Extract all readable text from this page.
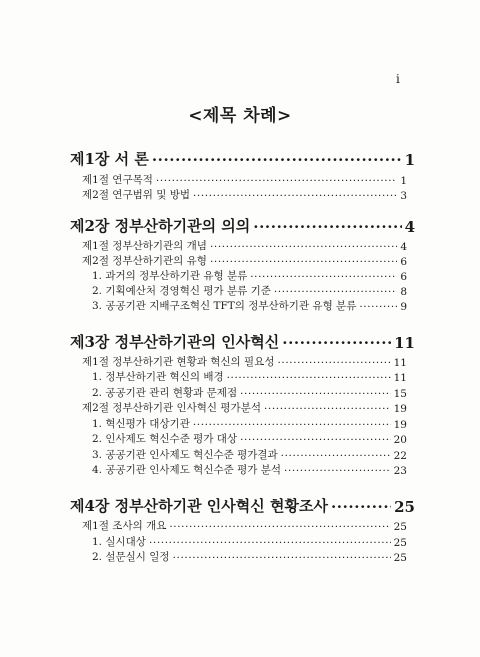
i
<제목 차례>
제1장 서 론 ·····	1
제1절 연구목적 ·····	1
제2절 연구범위 및 방법 ·····	3
제2장 정부산하기관의 의의 ·····	4
제1절 정부산하기관의 개념 ·····	4
제2절 정부산하기관의 유형 ·····	6
1. 과거의 정부산하기관 유형 분류 ·····	6
2. 기획예산처 경영혁신 평가 분류 기준 ·····	8
3. 공공기관 지배구조혁신 TFT의 정부산하기관 유형 분류 ·····	9
제3장 정부산하기관의 인사혁신 ·····	11
제1절 정부산하기관 현황과 혁신의 필요성 ·····	11
1. 정부산하기관 혁신의 배경 ·····	11
2. 공공기관 관리 현황과 문제점 ·····	15
제2절 정부산하기관 인사혁신 평가분석 ·····	19
1. 혁신평가 대상기관 ·····	19
2. 인사제도 혁신수준 평가 대상 ·····	20
3. 공공기관 인사제도 혁신수준 평가결과 ·····	22
4. 공공기관 인사제도 혁신수준 평가 분석 ·····	23
제4장 정부산하기관 인사혁신 현황조사 ·····	25
제1절 조사의 개요 ·····	25
1. 실시대상 ·····	25
2. 설문실시 일정 ·····	25
